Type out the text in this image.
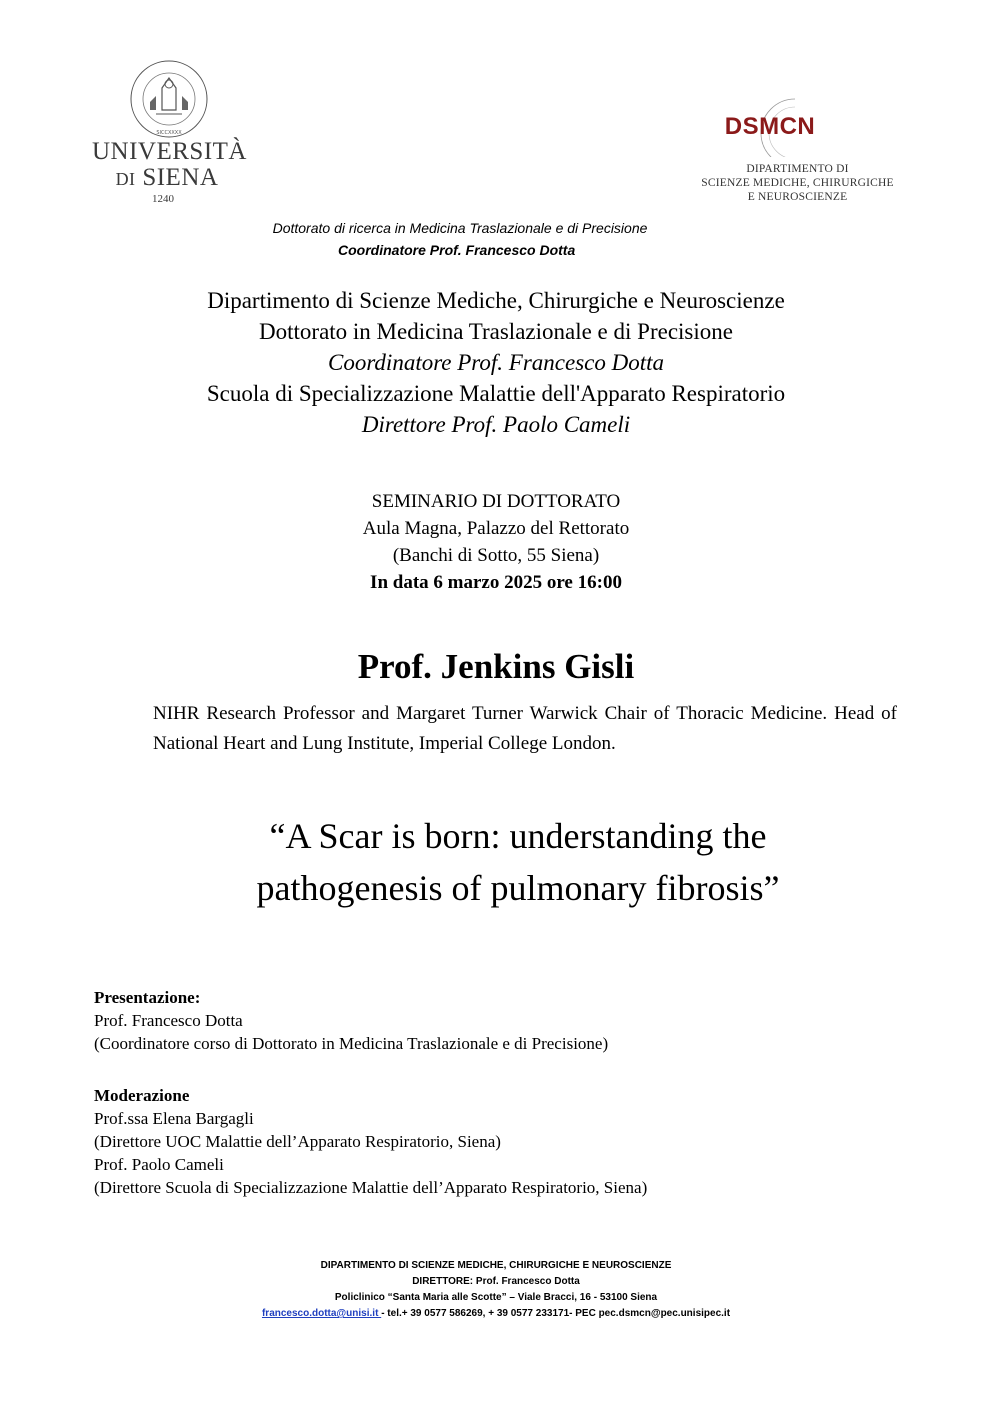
SICCXXXX
UNIVERSITÀ
DI SIENA
1240
DSMCN
DIPARTIMENTO DI
SCIENZE MEDICHE, CHIRURGICHE
E NEUROSCIENZE
Dottorato di ricerca in Medicina Traslazionale e di Precisione
Coordinatore Prof. Francesco Dotta
Dipartimento di Scienze Mediche, Chirurgiche e Neuroscienze
Dottorato in Medicina Traslazionale e di Precisione
Coordinatore Prof. Francesco Dotta
Scuola di Specializzazione Malattie dell'Apparato Respiratorio
Direttore Prof. Paolo Cameli
SEMINARIO DI DOTTORATO
Aula Magna, Palazzo del Rettorato
(Banchi di Sotto, 55 Siena)
In data 6 marzo 2025 ore 16:00
Prof. Jenkins Gisli
NIHR Research Professor and Margaret Turner Warwick Chair of Thoracic Medicine. Head of National Heart and Lung Institute, Imperial College London.
“A Scar is born: understanding the
pathogenesis of pulmonary fibrosis”
Presentazione:
Prof. Francesco Dotta
(Coordinatore corso di Dottorato in Medicina Traslazionale e di Precisione)
Moderazione
Prof.ssa Elena Bargagli
(Direttore UOC Malattie dell’Apparato Respiratorio, Siena)
Prof. Paolo Cameli
(Direttore Scuola di Specializzazione Malattie dell’Apparato Respiratorio, Siena)
DIPARTIMENTO DI SCIENZE MEDICHE, CHIRURGICHE E NEUROSCIENZE
DIRETTORE: Prof. Francesco Dotta
Policlinico “Santa Maria alle Scotte” – Viale Bracci, 16 - 53100 Siena
francesco.dotta@unisi.it - tel.+ 39 0577 586269, + 39 0577 233171- PEC pec.dsmcn@pec.unisipec.it
